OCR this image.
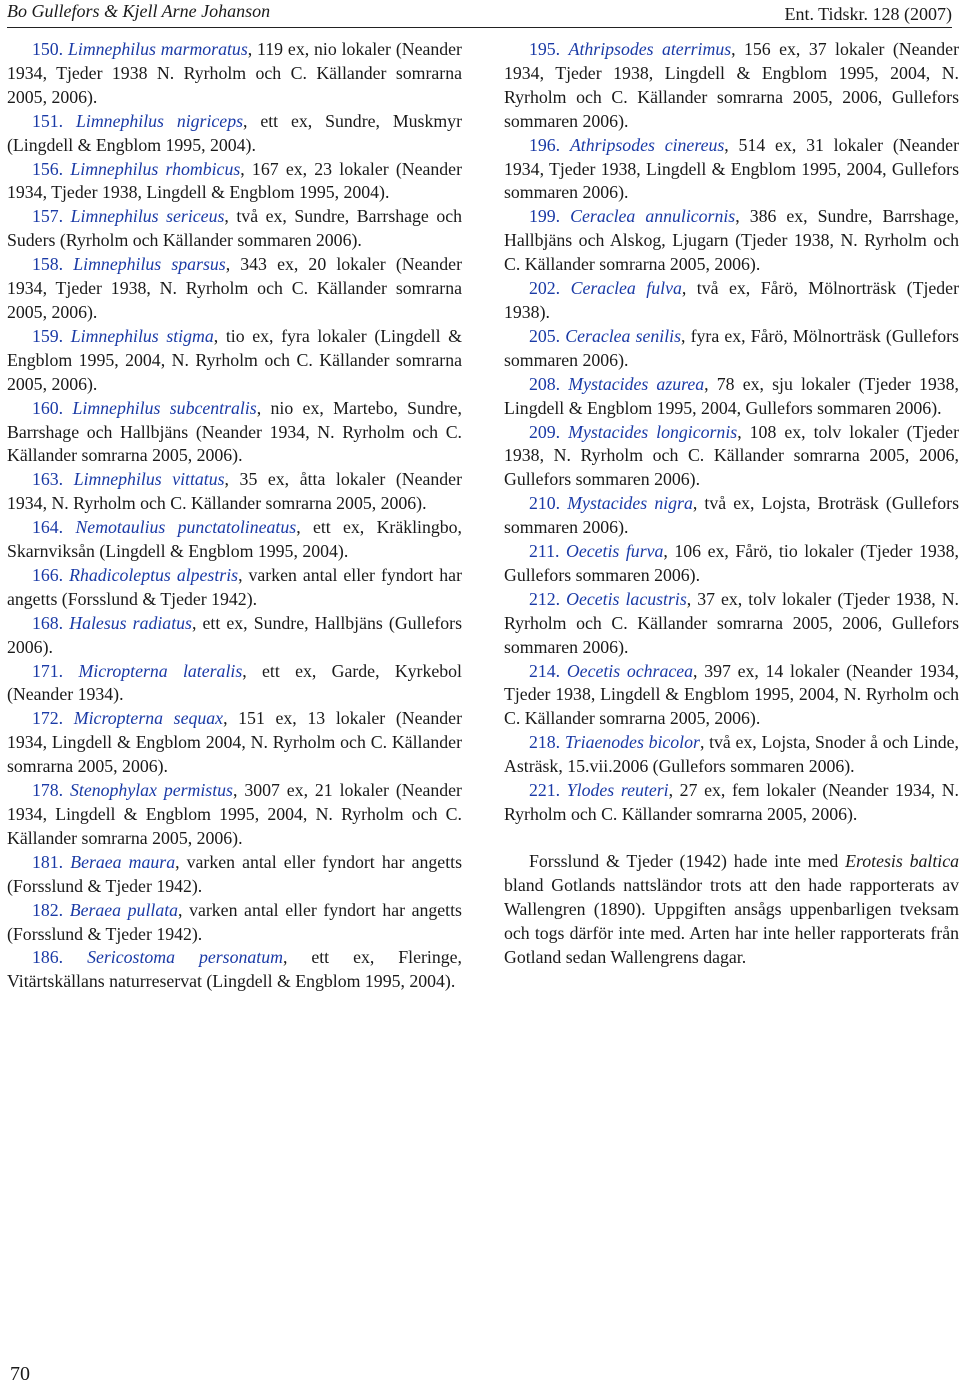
Bo Gullefors & Kjell Arne Johanson	Ent. Tidskr. 128 (2007)

150. Limnephilus marmoratus, 119 ex, nio lokaler (Neander 1934, Tjeder 1938 N. Ryrholm och C. Källander somrarna 2005, 2006).

151. Limnephilus nigriceps, ett ex, Sundre, Muskmyr (Lingdell & Engblom 1995, 2004).

156. Limnephilus rhombicus, 167 ex, 23 lokaler (Neander 1934, Tjeder 1938, Lingdell & Engblom 1995, 2004).

157. Limnephilus sericeus, två ex, Sundre, Barrshage och Suders (Ryrholm och Källander sommaren 2006).

158. Limnephilus sparsus, 343 ex, 20 lokaler (Neander 1934, Tjeder 1938, N. Ryrholm och C. Källander somrarna 2005, 2006).

159. Limnephilus stigma, tio ex, fyra lokaler (Lingdell & Engblom 1995, 2004, N. Ryrholm och C. Källander somrarna 2005, 2006).

160. Limnephilus subcentralis, nio ex, Martebo, Sundre, Barrshage och Hallbjäns (Neander 1934, N. Ryrholm och C. Källander somrarna 2005, 2006).

163. Limnephilus vittatus, 35 ex, åtta lokaler (Neander 1934, N. Ryrholm och C. Källander somrarna 2005, 2006).

164. Nemotaulius punctatolineatus, ett ex, Kräklingbo, Skarnviksån (Lingdell & Engblom 1995, 2004).

166. Rhadicoleptus alpestris, varken antal eller fyndort har angetts (Forsslund & Tjeder 1942).

168. Halesus radiatus, ett ex, Sundre, Hallbjäns (Gullefors 2006).

171. Micropterna lateralis, ett ex, Garde, Kyrkebol (Neander 1934).

172. Micropterna sequax, 151 ex, 13 lokaler (Neander 1934, Lingdell & Engblom 2004, N. Ryrholm och C. Källander somrarna 2005, 2006).

178. Stenophylax permistus, 3007 ex, 21 lokaler (Neander 1934, Lingdell & Engblom 1995, 2004, N. Ryrholm och C. Källander somrarna 2005, 2006).

181. Beraea maura, varken antal eller fyndort har angetts (Forsslund & Tjeder 1942).

182. Beraea pullata, varken antal eller fyndort har angetts (Forsslund & Tjeder 1942).

186. Sericostoma personatum, ett ex, Fleringe, Vitärtskällans naturreservat (Lingdell & Engblom 1995, 2004).

195. Athripsodes aterrimus, 156 ex, 37 lokaler (Neander 1934, Tjeder 1938, Lingdell & Engblom 1995, 2004, N. Ryrholm och C. Källander somrarna 2005, 2006, Gullefors sommaren 2006).

196. Athripsodes cinereus, 514 ex, 31 lokaler (Neander 1934, Tjeder 1938, Lingdell & Engblom 1995, 2004, Gullefors sommaren 2006).

199. Ceraclea annulicornis, 386 ex, Sundre, Barrshage, Hallbjäns och Alskog, Ljugarn (Tjeder 1938, N. Ryrholm och C. Källander somrarna 2005, 2006).

202. Ceraclea fulva, två ex, Fårö, Mölnorträsk (Tjeder 1938).

205. Ceraclea senilis, fyra ex, Fårö, Mölnorträsk (Gullefors sommaren 2006).

208. Mystacides azurea, 78 ex, sju lokaler (Tjeder 1938, Lingdell & Engblom 1995, 2004, Gullefors sommaren 2006).

209. Mystacides longicornis, 108 ex, tolv lokaler (Tjeder 1938, N. Ryrholm och C. Källander somrarna 2005, 2006, Gullefors sommaren 2006).

210. Mystacides nigra, två ex, Lojsta, Broträsk (Gullefors sommaren 2006).

211. Oecetis furva, 106 ex, Fårö, tio lokaler (Tjeder 1938, Gullefors sommaren 2006).

212. Oecetis lacustris, 37 ex, tolv lokaler (Tjeder 1938, N. Ryrholm och C. Källander somrarna 2005, 2006, Gullefors sommaren 2006).

214. Oecetis ochracea, 397 ex, 14 lokaler (Neander 1934, Tjeder 1938, Lingdell & Engblom 1995, 2004, N. Ryrholm och C. Källander somrarna 2005, 2006).

218. Triaenodes bicolor, två ex, Lojsta, Snoder å och Linde, Asträsk, 15.vii.2006 (Gullefors sommaren 2006).

221. Ylodes reuteri, 27 ex, fem lokaler (Neander 1934, N. Ryrholm och C. Källander somrarna 2005, 2006).

Forsslund & Tjeder (1942) hade inte med Erotesis baltica bland Gotlands nattsländor trots att den hade rapporterats av Wallengren (1890). Uppgiften ansågs uppenbarligen tveksam och togs därför inte med. Arten har inte heller rapporterats från Gotland sedan Wallengrens dagar.

70
